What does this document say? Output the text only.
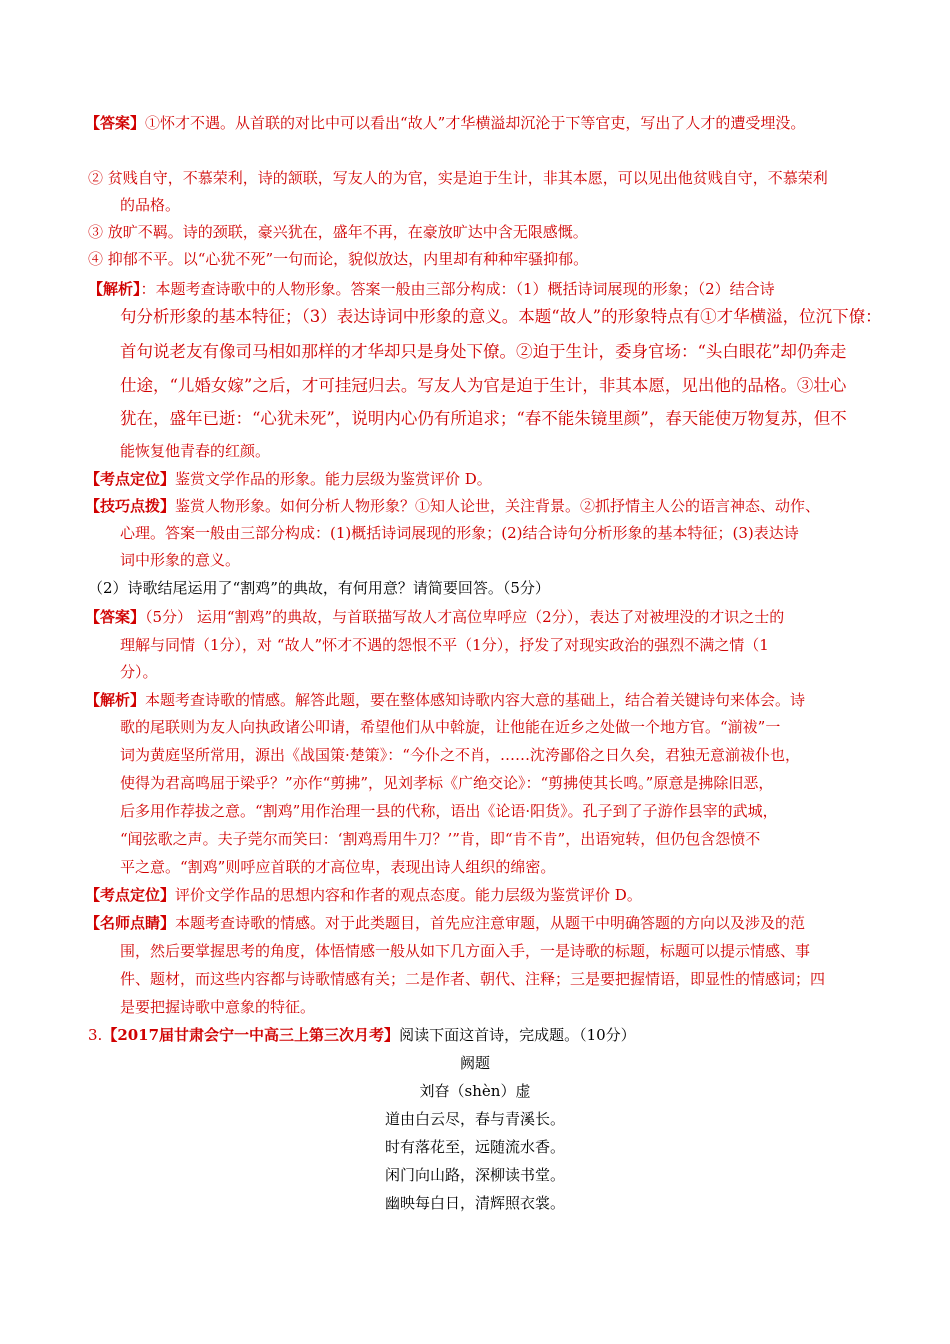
【答案】①怀才不遇。从首联的对比中可以看出“故人”才华横溢却沉沦于下等官吏，写出了人才的遭受埋没。
② 贫贱自守，不慕荣利，诗的颔联，写友人的为官，实是迫于生计，非其本愿，可以见出他贫贱自守，不慕荣利
的品格。
③ 放旷不羁。诗的颈联，豪兴犹在，盛年不再，在豪放旷达中含无限感慨。
④ 抑郁不平。以“心犹不死”一句而论，貌似放达，内里却有种种牢骚抑郁。
【解析】：本题考查诗歌中的人物形象。答案一般由三部分构成：（1）概括诗词展现的形象；（2）结合诗
句分析形象的基本特征；（3）表达诗词中形象的意义。本题“故人”的形象特点有①才华横溢，位沉下僚：
首句说老友有像司马相如那样的才华却只是身处下僚。②迫于生计，委身官场：“头白眼花”却仍奔走
仕途，“儿婚女嫁”之后，才可挂冠归去。写友人为官是迫于生计，非其本愿，见出他的品格。③壮心
犹在，盛年已逝：“心犹未死”，说明内心仍有所追求；“春不能朱镜里颜”，春天能使万物复苏，但不
能恢复他青春的红颜。
【考点定位】鉴赏文学作品的形象。能力层级为鉴赏评价 D。
【技巧点拨】鉴赏人物形象。如何分析人物形象？①知人论世，关注背景。②抓抒情主人公的语言神态、动作、
心理。答案一般由三部分构成：(1)概括诗词展现的形象；(2)结合诗句分析形象的基本特征；(3)表达诗
词中形象的意义。
（2）诗歌结尾运用了“割鸡”的典故，有何用意？请简要回答。（5分）
【答案】（5分） 运用“割鸡”的典故，与首联描写故人才高位卑呼应（2分），表达了对被埋没的才识之士的
理解与同情（1分），对 “故人”怀才不遇的怨恨不平（1分），抒发了对现实政治的强烈不满之情（1
分）。
【解析】本题考查诗歌的情感。解答此题，要在整体感知诗歌内容大意的基础上，结合着关键诗句来体会。诗
歌的尾联则为友人向执政诸公叩请，希望他们从中斡旋，让他能在近乡之处做一个地方官。“湔祓”一
词为黄庭坚所常用，源出《战国策·楚策》：“今仆之不肖，……沈洿鄙俗之日久矣，君独无意湔祓仆也，
使得为君高鸣屈于梁乎？”亦作“剪拂”，见刘孝标《广绝交论》：“剪拂使其长鸣。”原意是拂除旧恶，
后多用作荐拔之意。“割鸡”用作治理一县的代称，语出《论语·阳货》。孔子到了子游作县宰的武城，
“闻弦歌之声。夫子莞尔而笑曰：‘割鸡焉用牛刀？’”肯，即“肯不肯”，出语宛转，但仍包含怨愤不
平之意。“割鸡”则呼应首联的才高位卑，表现出诗人组织的绵密。
【考点定位】评价文学作品的思想内容和作者的观点态度。能力层级为鉴赏评价 D。
【名师点睛】本题考查诗歌的情感。对于此类题目，首先应注意审题，从题干中明确答题的方向以及涉及的范
围，然后要掌握思考的角度，体悟情感一般从如下几方面入手，一是诗歌的标题，标题可以提示情感、事
件、题材，而这些内容都与诗歌情感有关；二是作者、朝代、注释；三是要把握情语，即显性的情感词；四
是要把握诗歌中意象的特征。
3.【2017届甘肃会宁一中高三上第三次月考】阅读下面这首诗，完成题。（10分）
阙题
刘昚（shèn）虚
道由白云尽，春与青溪长。
时有落花至，远随流水香。
闲门向山路，深柳读书堂。
幽映每白日，清辉照衣裳。
